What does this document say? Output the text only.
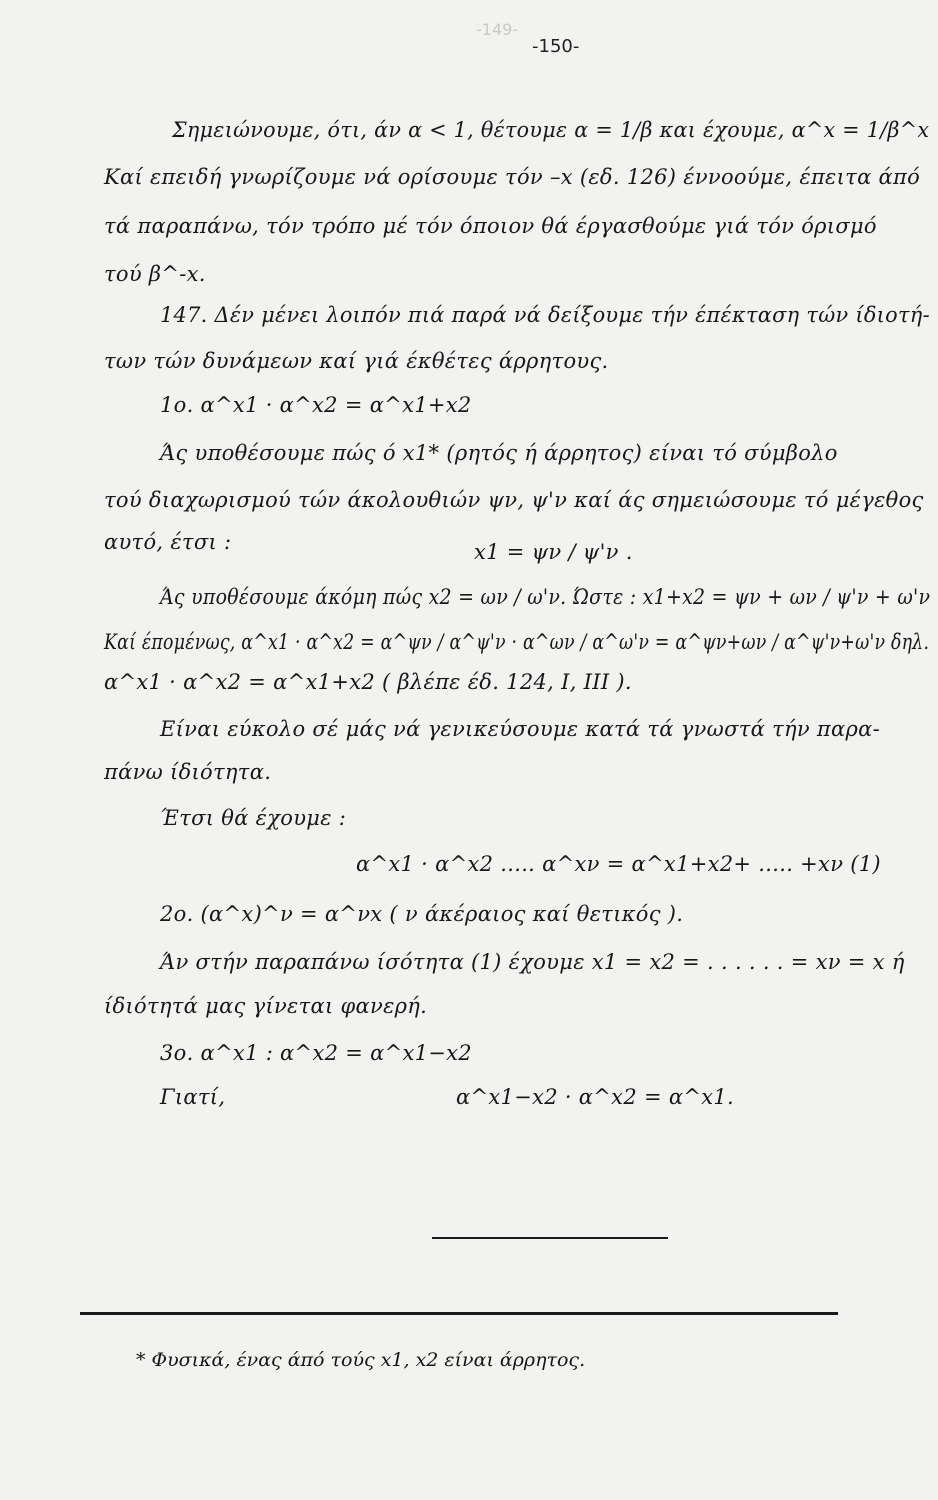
-149-
-150-
Σημειώνουμε, ότι, άν α < 1, θέτουμε α = 1/β και έχουμε, α^x = 1/β^x
Καί επειδή γνωρίζουμε νά ορίσουμε τόν –x (εδ. 126) έννοούμε, έπειτα άπό
τά παραπάνω, τόν τρόπο μέ τόν όποιον θά έργασθούμε γιά τόν όρισμό
τού β^-x.
147. Δέν μένει λοιπόν πιά παρά νά δείξουμε τήν έπέκταση τών ίδιοτή-
των τών δυνάμεων καί γιά έκθέτες άρρητους.
1ο. α^x1 · α^x2 = α^x1+x2
Άς υποθέσουμε πώς ό x1* (ρητός ή άρρητος) είναι τό σύμβολο
τού διαχωρισμού τών άκολουθιών ψν, ψ'ν καί άς σημειώσουμε τό μέγεθος
αυτό, έτσι :	x1 = ψν / ψ'ν .
Άς υποθέσουμε άκόμη πώς x2 = ων / ω'ν. Ώστε : x1+x2 = ψν + ων / ψ'ν + ω'ν
Καί έπομένως, α^x1 · α^x2 = α^ψν / α^ψ'ν · α^ων / α^ω'ν = α^ψν+ων / α^ψ'ν+ω'ν δηλ.
α^x1 · α^x2 = α^x1+x2 ( βλέπε έδ. 124, I, III ).
Είναι εύκολο σέ μάς νά γενικεύσουμε κατά τά γνωστά τήν παρα-
πάνω ίδιότητα.
Έτσι θά έχουμε :
α^x1 · α^x2 ..... α^xν = α^x1+x2+ ..... +xν (1)
2ο. (α^x)^ν = α^νx ( ν άκέραιος καί θετικός ).
Άν στήν παραπάνω ίσότητα (1) έχουμε x1 = x2 = . . . . . . = xν = x ή
ίδιότητά μας γίνεται φανερή.
3ο. α^x1 : α^x2 = α^x1−x2
Γιατί,	α^x1−x2 · α^x2 = α^x1.
* Φυσικά, ένας άπό τούς x1, x2 είναι άρρητος.
